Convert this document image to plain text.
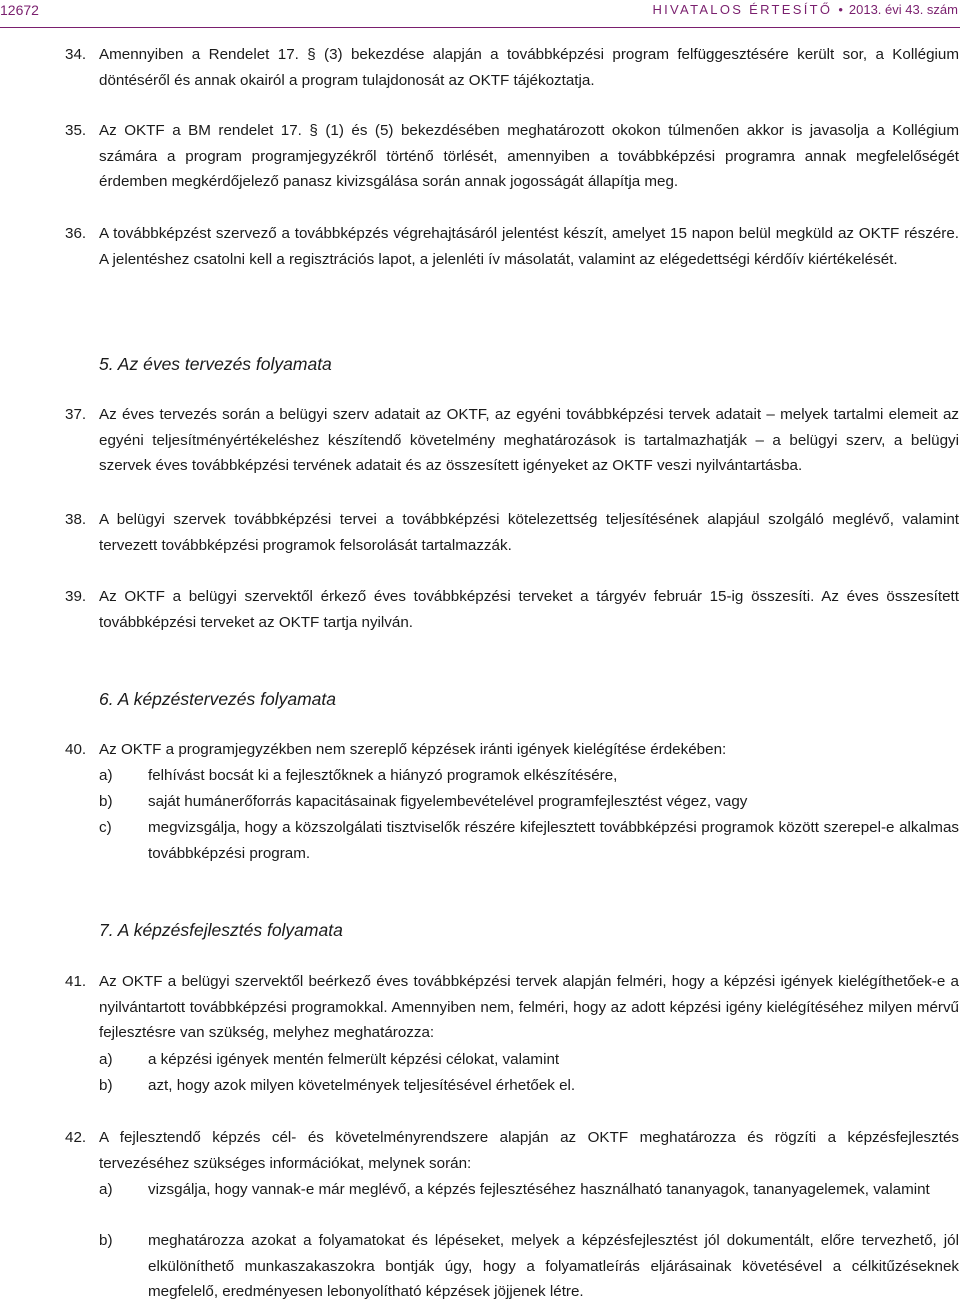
12672	HIVATALOS ÉRTESÍTŐ • 2013. évi 43. szám
34. Amennyiben a Rendelet 17. § (3) bekezdése alapján a továbbképzési program felfüggesztésére került sor, a Kollégium döntéséről és annak okairól a program tulajdonosát az OKTF tájékoztatja.
35. Az OKTF a BM rendelet 17. § (1) és (5) bekezdésében meghatározott okokon túlmenően akkor is javasolja a Kollégium számára a program programjegyzékről történő törlését, amennyiben a továbbképzési programra annak megfelelőségét érdemben megkérdőjelező panasz kivizsgálása során annak jogosságát állapítja meg.
36. A továbbképzést szervező a továbbképzés végrehajtásáról jelentést készít, amelyet 15 napon belül megküld az OKTF részére. A jelentéshez csatolni kell a regisztrációs lapot, a jelenléti ív másolatát, valamint az elégedettségi kérdőív kiértékelését.
5. Az éves tervezés folyamata
37. Az éves tervezés során a belügyi szerv adatait az OKTF, az egyéni továbbképzési tervek adatait – melyek tartalmi elemeit az egyéni teljesítményértékeléshez készítendő követelmény meghatározások is tartalmazhatják – a belügyi szerv, a belügyi szervek éves továbbképzési tervének adatait és az összesített igényeket az OKTF veszi nyilvántartásba.
38. A belügyi szervek továbbképzési tervei a továbbképzési kötelezettség teljesítésének alapjául szolgáló meglévő, valamint tervezett továbbképzési programok felsorolását tartalmazzák.
39. Az OKTF a belügyi szervektől érkező éves továbbképzési terveket a tárgyév február 15-ig összesíti. Az éves összesített továbbképzési terveket az OKTF tartja nyilván.
6. A képzéstervezés folyamata
40. Az OKTF a programjegyzékben nem szereplő képzések iránti igények kielégítése érdekében:
a)	felhívást bocsát ki a fejlesztőknek a hiányzó programok elkészítésére,
b)	saját humánerőforrás kapacitásainak figyelembevételével programfejlesztést végez, vagy
c)	megvizsgálja, hogy a közszolgálati tisztviselők részére kifejlesztett továbbképzési programok között szerepel-e alkalmas továbbképzési program.
7. A képzésfejlesztés folyamata
41. Az OKTF a belügyi szervektől beérkező éves továbbképzési tervek alapján felméri, hogy a képzési igények kielégíthetőek-e a nyilvántartott továbbképzési programokkal. Amennyiben nem, felméri, hogy az adott képzési igény kielégítéséhez milyen mérvű fejlesztésre van szükség, melyhez meghatározza:
a)	a képzési igények mentén felmerült képzési célokat, valamint
b)	azt, hogy azok milyen követelmények teljesítésével érhetőek el.
42. A fejlesztendő képzés cél- és követelményrendszere alapján az OKTF meghatározza és rögzíti a képzésfejlesztés tervezéséhez szükséges információkat, melynek során:
a)	vizsgálja, hogy vannak-e már meglévő, a képzés fejlesztéséhez használható tananyagok, tananyagelemek, valamint
b)	meghatározza azokat a folyamatokat és lépéseket, melyek a képzésfejlesztést jól dokumentált, előre tervezhető, jól elkülöníthető munkaszakaszokra bontják úgy, hogy a folyamatleírás eljárásainak követésével a célkitűzéseknek megfelelő, eredményesen lebonyolítható képzések jöjjenek létre.
